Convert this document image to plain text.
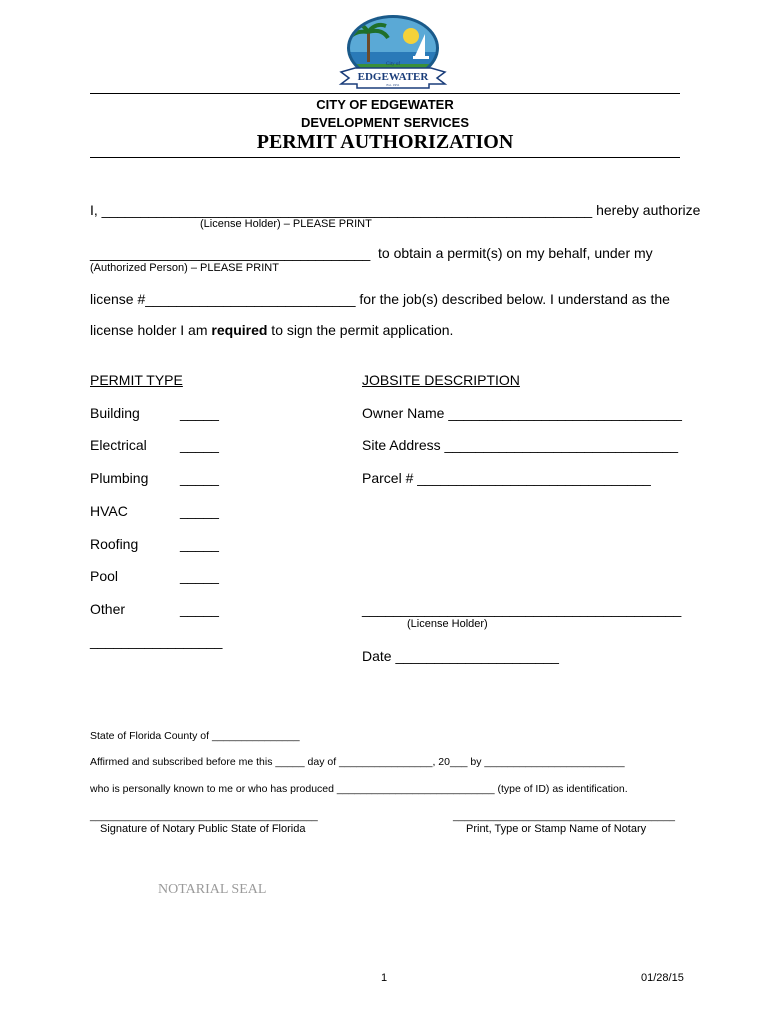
City of
EDGEWATER
Est. 1951
CITY OF EDGEWATER
DEVELOPMENT SERVICES
PERMIT AUTHORIZATION
I, _______________________________________________________________ hereby authorize
(License Holder) – PLEASE PRINT
____________________________________ to obtain a permit(s) on my behalf, under my
(Authorized Person) – PLEASE PRINT
license #___________________________ for the job(s) described below. I understand as the
license holder I am required to sign the permit application.
PERMIT TYPE
Building	_____
Electrical _____
Plumbing _____
HVAC	_____
Roofing	_____
Pool	_____
Other	_____
_________________
JOBSITE DESCRIPTION
Owner Name ______________________________
Site Address ______________________________
Parcel # ______________________________
_________________________________________
(License Holder)
Date _____________________
State of Florida County of _______________
Affirmed and subscribed before me this _____ day of ________________, 20___ by ________________________
who is personally known to me or who has produced ___________________________ (type of ID) as identification.
_______________________________________
Signature of Notary Public State of Florida
______________________________________
Print, Type or Stamp Name of Notary
NOTARIAL SEAL
1	01/28/15
